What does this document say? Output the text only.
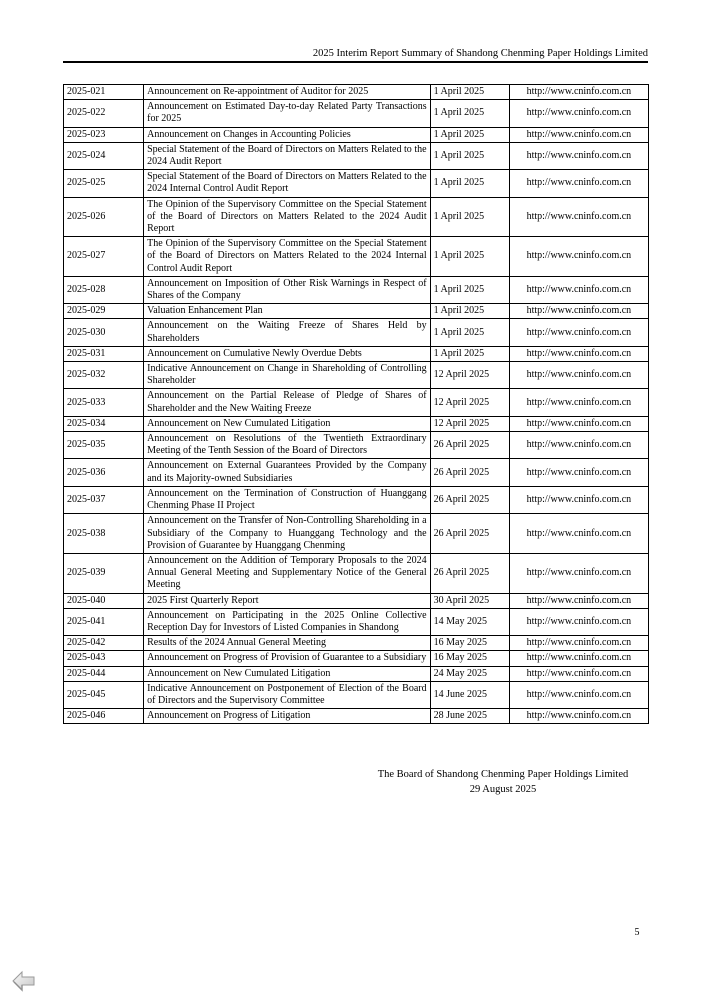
2025 Interim Report Summary of Shandong Chenming Paper Holdings Limited
2025-021	Announcement on Re-appointment of Auditor for 2025	1 April 2025	http://www.cninfo.com.cn
2025-022	Announcement on Estimated Day-to-day Related Party Transactions for 2025	1 April 2025	http://www.cninfo.com.cn
2025-023	Announcement on Changes in Accounting Policies	1 April 2025	http://www.cninfo.com.cn
2025-024	Special Statement of the Board of Directors on Matters Related to the 2024 Audit Report	1 April 2025	http://www.cninfo.com.cn
2025-025	Special Statement of the Board of Directors on Matters Related to the 2024 Internal Control Audit Report	1 April 2025	http://www.cninfo.com.cn
2025-026	The Opinion of the Supervisory Committee on the Special Statement of the Board of Directors on Matters Related to the 2024 Audit Report	1 April 2025	http://www.cninfo.com.cn
2025-027	The Opinion of the Supervisory Committee on the Special Statement of the Board of Directors on Matters Related to the 2024 Internal Control Audit Report	1 April 2025	http://www.cninfo.com.cn
2025-028	Announcement on Imposition of Other Risk Warnings in Respect of Shares of the Company	1 April 2025	http://www.cninfo.com.cn
2025-029	Valuation Enhancement Plan	1 April 2025	http://www.cninfo.com.cn
2025-030	Announcement on the Waiting Freeze of Shares Held by Shareholders	1 April 2025	http://www.cninfo.com.cn
2025-031	Announcement on Cumulative Newly Overdue Debts	1 April 2025	http://www.cninfo.com.cn
2025-032	Indicative Announcement on Change in Shareholding of Controlling Shareholder	12 April 2025	http://www.cninfo.com.cn
2025-033	Announcement on the Partial Release of Pledge of Shares of Shareholder and the New Waiting Freeze	12 April 2025	http://www.cninfo.com.cn
2025-034	Announcement on New Cumulated Litigation	12 April 2025	http://www.cninfo.com.cn
2025-035	Announcement on Resolutions of the Twentieth Extraordinary Meeting of the Tenth Session of the Board of Directors	26 April 2025	http://www.cninfo.com.cn
2025-036	Announcement on External Guarantees Provided by the Company and its Majority-owned Subsidiaries	26 April 2025	http://www.cninfo.com.cn
2025-037	Announcement on the Termination of Construction of Huanggang Chenming Phase II Project	26 April 2025	http://www.cninfo.com.cn
2025-038	Announcement on the Transfer of Non-Controlling Shareholding in a Subsidiary of the Company to Huanggang Technology and the Provision of Guarantee by Huanggang Chenming	26 April 2025	http://www.cninfo.com.cn
2025-039	Announcement on the Addition of Temporary Proposals to the 2024 Annual General Meeting and Supplementary Notice of the General Meeting	26 April 2025	http://www.cninfo.com.cn
2025-040	2025 First Quarterly Report	30 April 2025	http://www.cninfo.com.cn
2025-041	Announcement on Participating in the 2025 Online Collective Reception Day for Investors of Listed Companies in Shandong	14 May 2025	http://www.cninfo.com.cn
2025-042	Results of the 2024 Annual General Meeting	16 May 2025	http://www.cninfo.com.cn
2025-043	Announcement on Progress of Provision of Guarantee to a Subsidiary	16 May 2025	http://www.cninfo.com.cn
2025-044	Announcement on New Cumulated Litigation	24 May 2025	http://www.cninfo.com.cn
2025-045	Indicative Announcement on Postponement of Election of the Board of Directors and the Supervisory Committee	14 June 2025	http://www.cninfo.com.cn
2025-046	Announcement on Progress of Litigation	28 June 2025	http://www.cninfo.com.cn
The Board of Shandong Chenming Paper Holdings Limited
29 August 2025
5
